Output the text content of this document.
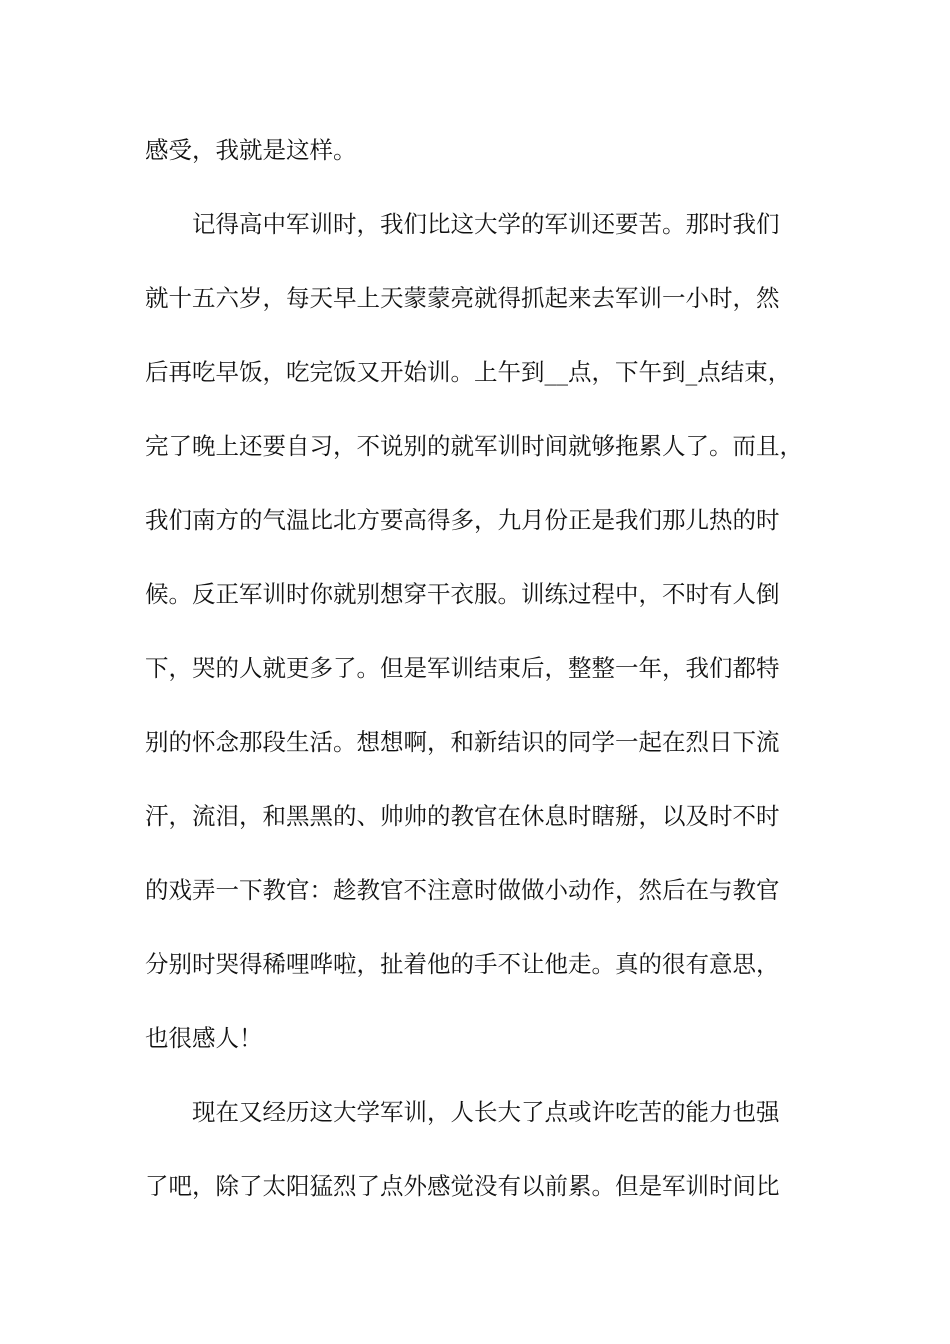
感受，我就是这样。
记得高中军训时，我们比这大学的军训还要苦。那时我们
就十五六岁，每天早上天蒙蒙亮就得抓起来去军训一小时，然
后再吃早饭，吃完饭又开始训。上午到__点，下午到_点结束，
完了晚上还要自习，不说别的就军训时间就够拖累人了。而且，
我们南方的气温比北方要高得多，九月份正是我们那儿热的时
候。反正军训时你就别想穿干衣服。训练过程中，不时有人倒
下，哭的人就更多了。但是军训结束后，整整一年，我们都特
别的怀念那段生活。想想啊，和新结识的同学一起在烈日下流
汗，流泪，和黑黑的、帅帅的教官在休息时瞎掰，以及时不时
的戏弄一下教官：趁教官不注意时做做小动作，然后在与教官
分别时哭得稀哩哗啦，扯着他的手不让他走。真的很有意思，
也很感人！
现在又经历这大学军训，人长大了点或许吃苦的能力也强
了吧，除了太阳猛烈了点外感觉没有以前累。但是军训时间比
